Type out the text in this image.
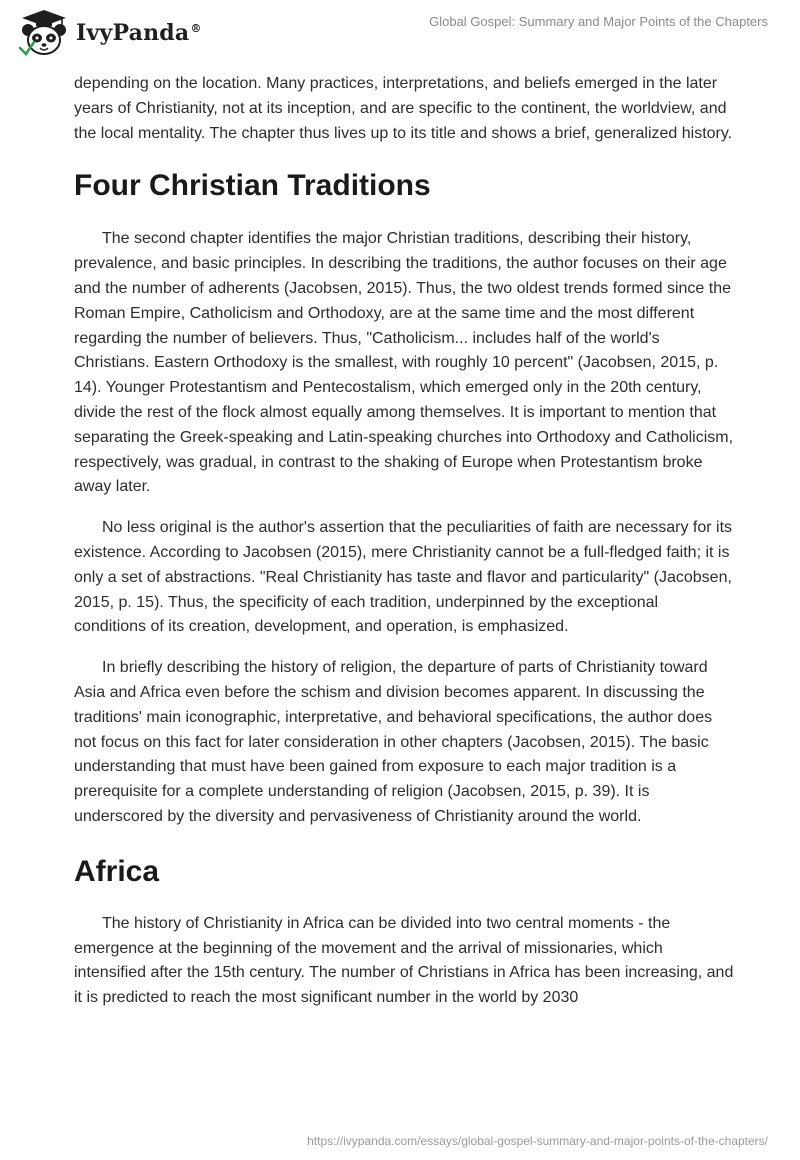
IvyPanda®	Global Gospel: Summary and Major Points of the Chapters

depending on the location. Many practices, interpretations, and beliefs emerged in the later years of Christianity, not at its inception, and are specific to the continent, the worldview, and the local mentality. The chapter thus lives up to its title and shows a brief, generalized history.

Four Christian Traditions

The second chapter identifies the major Christian traditions, describing their history, prevalence, and basic principles. In describing the traditions, the author focuses on their age and the number of adherents (Jacobsen, 2015). Thus, the two oldest trends formed since the Roman Empire, Catholicism and Orthodoxy, are at the same time and the most different regarding the number of believers. Thus, "Catholicism... includes half of the world's Christians. Eastern Orthodoxy is the smallest, with roughly 10 percent" (Jacobsen, 2015, p. 14). Younger Protestantism and Pentecostalism, which emerged only in the 20th century, divide the rest of the flock almost equally among themselves. It is important to mention that separating the Greek-speaking and Latin-speaking churches into Orthodoxy and Catholicism, respectively, was gradual, in contrast to the shaking of Europe when Protestantism broke away later.

No less original is the author's assertion that the peculiarities of faith are necessary for its existence. According to Jacobsen (2015), mere Christianity cannot be a full-fledged faith; it is only a set of abstractions. "Real Christianity has taste and flavor and particularity" (Jacobsen, 2015, p. 15). Thus, the specificity of each tradition, underpinned by the exceptional conditions of its creation, development, and operation, is emphasized.

In briefly describing the history of religion, the departure of parts of Christianity toward Asia and Africa even before the schism and division becomes apparent. In discussing the traditions' main iconographic, interpretative, and behavioral specifications, the author does not focus on this fact for later consideration in other chapters (Jacobsen, 2015). The basic understanding that must have been gained from exposure to each major tradition is a prerequisite for a complete understanding of religion (Jacobsen, 2015, p. 39). It is underscored by the diversity and pervasiveness of Christianity around the world.

Africa

The history of Christianity in Africa can be divided into two central moments - the emergence at the beginning of the movement and the arrival of missionaries, which intensified after the 15th century. The number of Christians in Africa has been increasing, and it is predicted to reach the most significant number in the world by 2030

https://ivypanda.com/essays/global-gospel-summary-and-major-points-of-the-chapters/
